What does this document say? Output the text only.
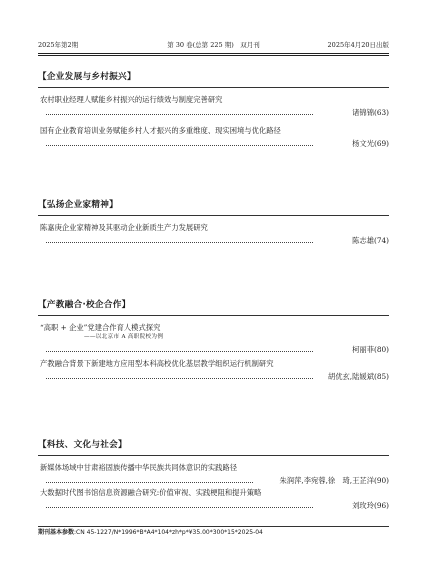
2025年第2期	第 30 卷(总第 225 期)　双月刊	2025年4月20日出版
【企业发展与乡村振兴】
农村职业经理人赋能乡村振兴的运行绩效与制度完善研究
诸锦锦(63)
国有企业教育培训业务赋能乡村人才振兴的多重维度、现实困境与优化路径
杨文光(69)
【弘扬企业家精神】
陈嘉庚企业家精神及其驱动企业新质生产力发展研究
陈志雄(74)
【产教融合·校企合作】
“高职 + 企业”党建合作育人模式探究
——以北京市 A 高职院校为例
柯丽菲(80)
产教融合背景下新建地方应用型本科高校优化基层教学组织运行机制研究
胡优玄,陆媛斌(85)
【科技、文化与社会】
新媒体场域中甘肃裕固族传播中华民族共同体意识的实践路径
朱润萍,李宛蓉,徐　琦,王芷洋(90)
大数据时代图书馆信息资源融合研究:价值审视、实践梗阻和提升策略
刘玫玲(96)
期刊基本参数:CN 45-1227/N*1996*B*A4*104*zh*p*¥35.00*300*15*2025-04
